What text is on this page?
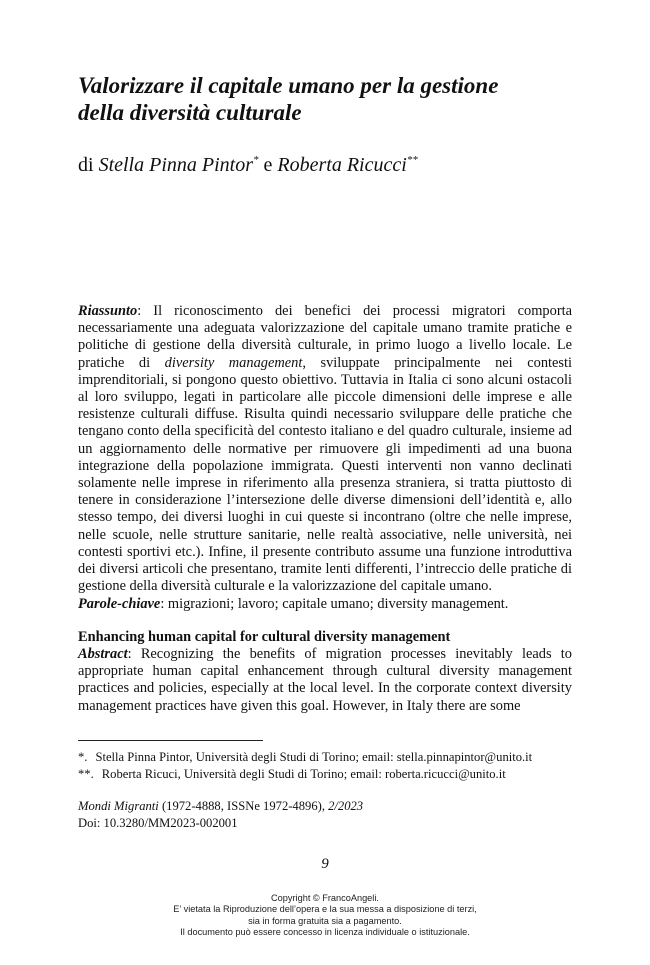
Valorizzare il capitale umano per la gestione
della diversità culturale
di Stella Pinna Pintor* e Roberta Ricucci**

Riassunto: Il riconoscimento dei benefici dei processi migratori comporta necessariamente una adeguata valorizzazione del capitale umano tramite pratiche e politiche di gestione della diversità culturale, in primo luogo a livello locale. Le pratiche di diversity management, sviluppate principalmente nei contesti imprenditoriali, si pongono questo obiettivo. Tuttavia in Italia ci sono alcuni ostacoli al loro sviluppo, legati in particolare alle piccole dimensioni delle imprese e alle resistenze culturali diffuse. Risulta quindi necessario sviluppare delle pratiche che tengano conto della specificità del contesto italiano e del quadro culturale, insieme ad un aggiornamento delle normative per rimuovere gli impedimenti ad una buona integrazione della popolazione immigrata. Questi interventi non vanno declinati solamente nelle imprese in riferimento alla presenza straniera, si tratta piuttosto di tenere in considerazione l’intersezione delle diverse dimensioni dell’identità e, allo stesso tempo, dei diversi luoghi in cui queste si incontrano (oltre che nelle imprese, nelle scuole, nelle strutture sanitarie, nelle realtà associative, nelle università, nei contesti sportivi etc.). Infine, il presente contributo assume una funzione introduttiva dei diversi articoli che presentano, tramite lenti differenti, l’intreccio delle pratiche di gestione della diversità culturale e la valorizzazione del capitale umano.

Parole-chiave: migrazioni; lavoro; capitale umano; diversity management.

Enhancing human capital for cultural diversity management

Abstract: Recognizing the benefits of migration processes inevitably leads to appropriate human capital enhancement through cultural diversity management practices and policies, especially at the local level. In the corporate context diversity management practices have given this goal. However, in Italy there are some

*. Stella Pinna Pintor, Università degli Studi di Torino; email: stella.pinnapintor@unito.it
**. Roberta Ricuci, Università degli Studi di Torino; email: roberta.ricucci@unito.it
Mondi Migranti (1972-4888, ISSNe 1972-4896), 2/2023
Doi: 10.3280/MM2023-002001
9
Copyright © FrancoAngeli.
E’ vietata la Riproduzione dell’opera e la sua messa a disposizione di terzi,
sia in forma gratuita sia a pagamento.
Il documento può essere concesso in licenza individuale o istituzionale.
